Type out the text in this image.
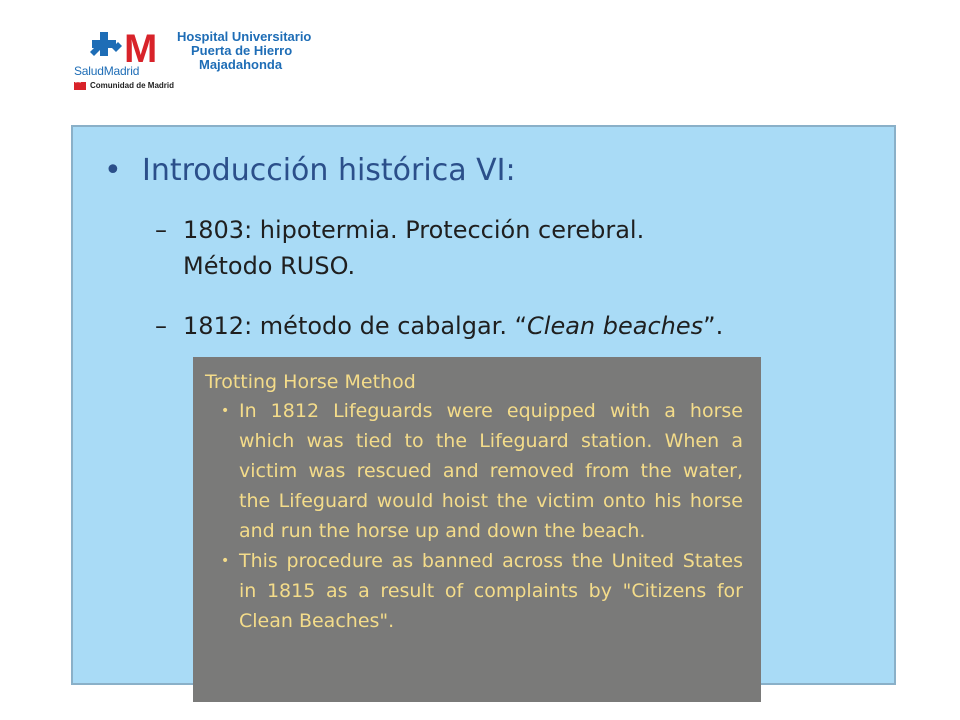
M
SaludMadrid
★★
Comunidad de Madrid
Hospital Universitario
Puerta de Hierro
Majadahonda
• Introducción histórica VI:
– 1803: hipotermia. Protección cerebral.
Método RUSO.
– 1812: método de cabalgar. “Clean beaches”.
Trotting Horse Method
• In 1812 Lifeguards were equipped with a horse which was tied to the Lifeguard station. When a victim was rescued and removed from the water, the Lifeguard would hoist the victim onto his horse and run the horse up and down the beach.
• This procedure as banned across the United States in 1815 as a result of complaints by "Citizens for Clean Beaches".
